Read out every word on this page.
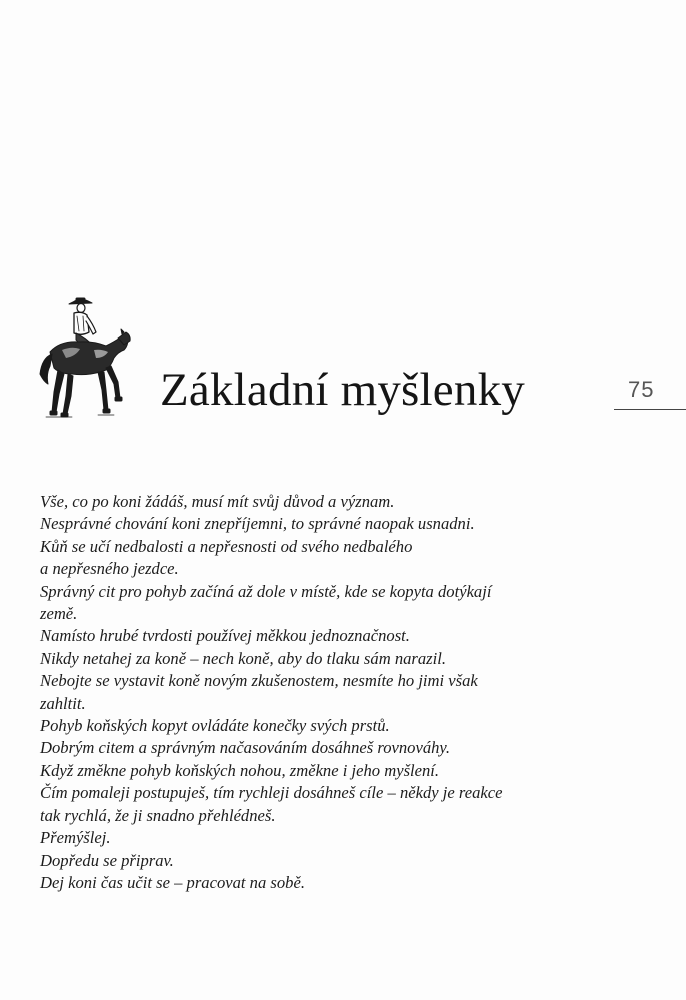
Základní myšlenky	75
Vše, co po koni žádáš, musí mít svůj důvod a význam.
Nesprávné chování koni znepříjemni, to správné naopak usnadni.
Kůň se učí nedbalosti a nepřesnosti od svého nedbalého
a nepřesného jezdce.
Správný cit pro pohyb začíná až dole v místě, kde se kopyta dotýkají
země.
Namísto hrubé tvrdosti používej měkkou jednoznačnost.
Nikdy netahej za koně – nech koně, aby do tlaku sám narazil.
Nebojte se vystavit koně novým zkušenostem, nesmíte ho jimi však
zahltit.
Pohyb koňských kopyt ovládáte konečky svých prstů.
Dobrým citem a správným načasováním dosáhneš rovnováhy.
Když změkne pohyb koňských nohou, změkne i jeho myšlení.
Čím pomaleji postupuješ, tím rychleji dosáhneš cíle – někdy je reakce
tak rychlá, že ji snadno přehlédneš.
Přemýšlej.
Dopředu se připrav.
Dej koni čas učit se – pracovat na sobě.
